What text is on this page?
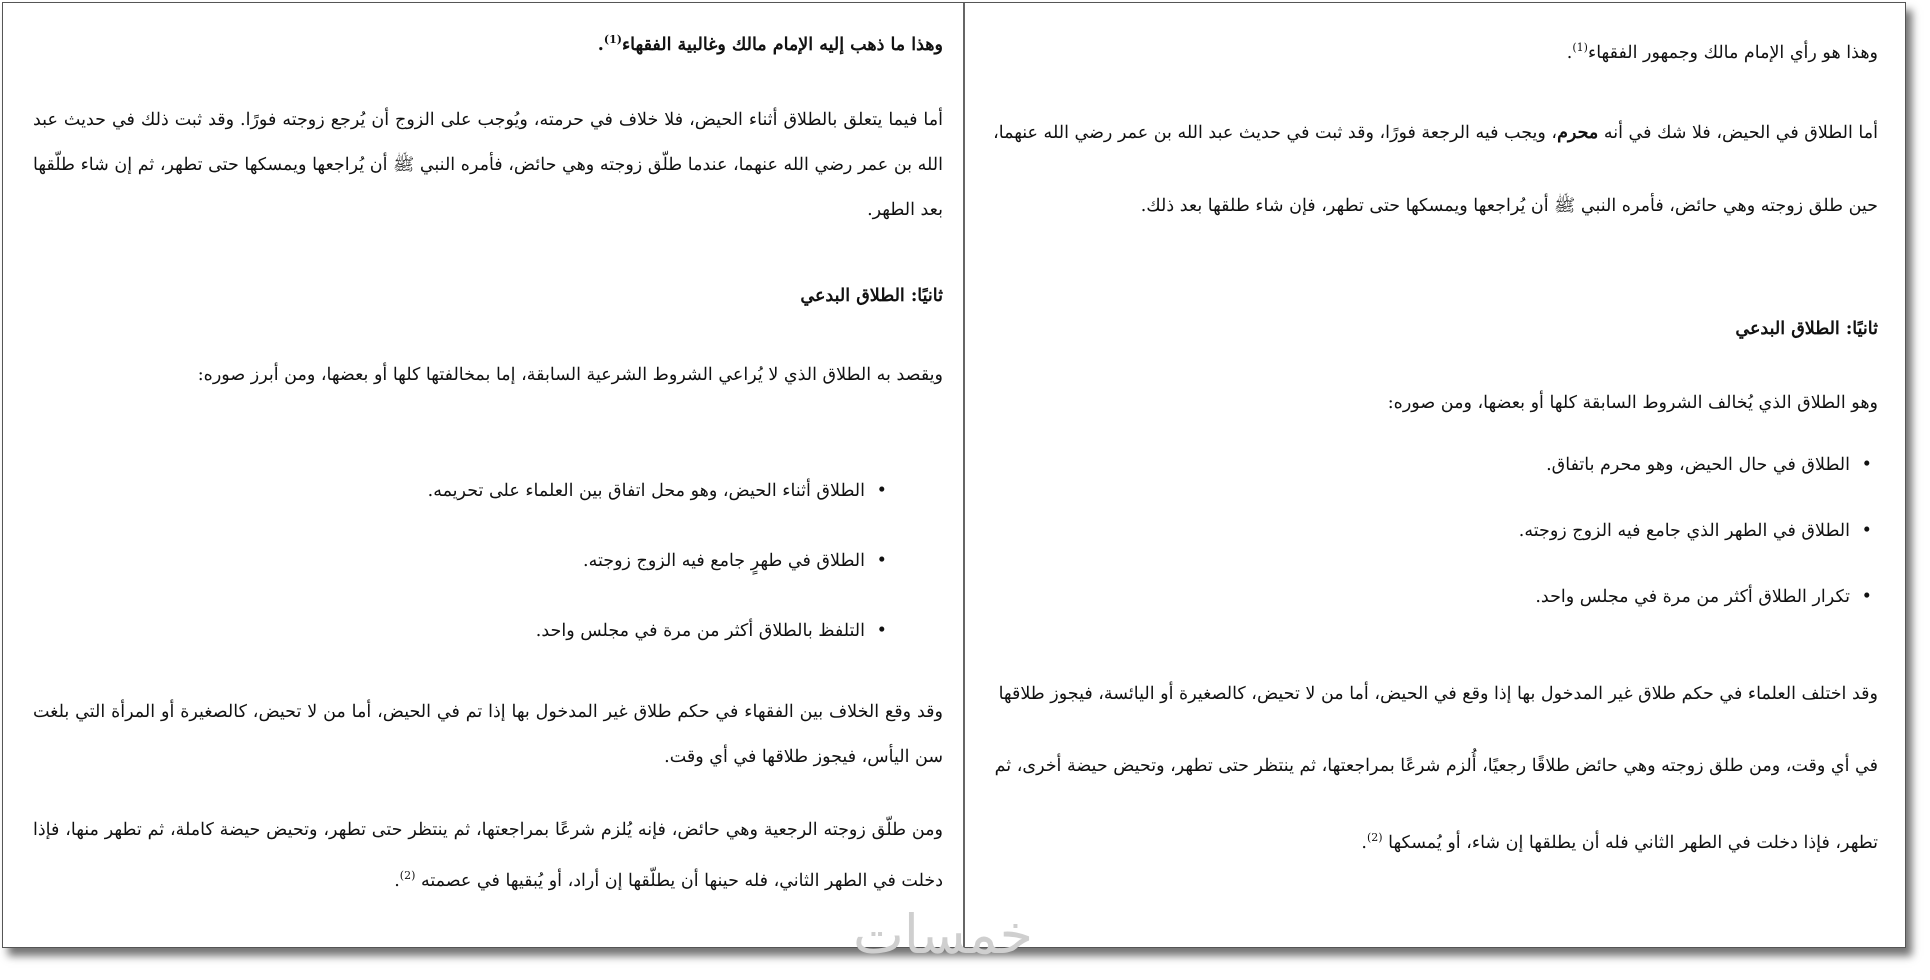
وهذا هو رأي الإمام مالك وجمهور الفقهاء$^{(1)}$.

أما الطلاق في الحيض، فلا شك في أنه محرم، ويجب فيه الرجعة فورًا، وقد ثبت في حديث عبد الله بن عمر رضي الله عنهما، حين طلق زوجته وهي حائض، فأمره النبي ﷺ أن يُراجعها ويمسكها حتى تطهر، فإن شاء طلقها بعد ذلك.

ثانيًا: الطلاق البدعي

وهو الطلاق الذي يُخالف الشروط السابقة كلها أو بعضها، ومن صوره:

• الطلاق في حال الحيض، وهو محرم باتفاق.
• الطلاق في الطهر الذي جامع فيه الزوج زوجته.
• تكرار الطلاق أكثر من مرة في مجلس واحد.

وقد اختلف العلماء في حكم طلاق غير المدخول بها إذا وقع في الحيض، أما من لا تحيض، كالصغيرة أو اليائسة، فيجوز طلاقها في أي وقت، ومن طلق زوجته وهي حائض طلاقًا رجعيًا، أُلزم شرعًا بمراجعتها، ثم ينتظر حتى تطهر، وتحيض حيضة أخرى، ثم تطهر، فإذا دخلت في الطهر الثاني فله أن يطلقها إن شاء، أو يُمسكها $^{(2)}$.

وهذا ما ذهب إليه الإمام مالك وغالبية الفقهاء$^{(1)}$.

أما فيما يتعلق بالطلاق أثناء الحيض، فلا خلاف في حرمته، ويُوجب على الزوج أن يُرجع زوجته فورًا. وقد ثبت ذلك في حديث عبد الله بن عمر رضي الله عنهما، عندما طلّق زوجته وهي حائض، فأمره النبي ﷺ أن يُراجعها ويمسكها حتى تطهر، ثم إن شاء طلّقها بعد الطهر.

ثانيًا: الطلاق البدعي

ويقصد به الطلاق الذي لا يُراعي الشروط الشرعية السابقة، إما بمخالفتها كلها أو بعضها، ومن أبرز صوره:

• الطلاق أثناء الحيض، وهو محل اتفاق بين العلماء على تحريمه.
• الطلاق في طهرٍ جامع فيه الزوج زوجته.
• التلفظ بالطلاق أكثر من مرة في مجلس واحد.

وقد وقع الخلاف بين الفقهاء في حكم طلاق غير المدخول بها إذا تم في الحيض، أما من لا تحيض، كالصغيرة أو المرأة التي بلغت سن اليأس، فيجوز طلاقها في أي وقت.

ومن طلّق زوجته الرجعية وهي حائض، فإنه يُلزم شرعًا بمراجعتها، ثم ينتظر حتى تطهر، وتحيض حيضة كاملة، ثم تطهر منها، فإذا دخلت في الطهر الثاني، فله حينها أن يطلّقها إن أراد، أو يُبقيها في عصمته $^{(2)}$.

خمسات
